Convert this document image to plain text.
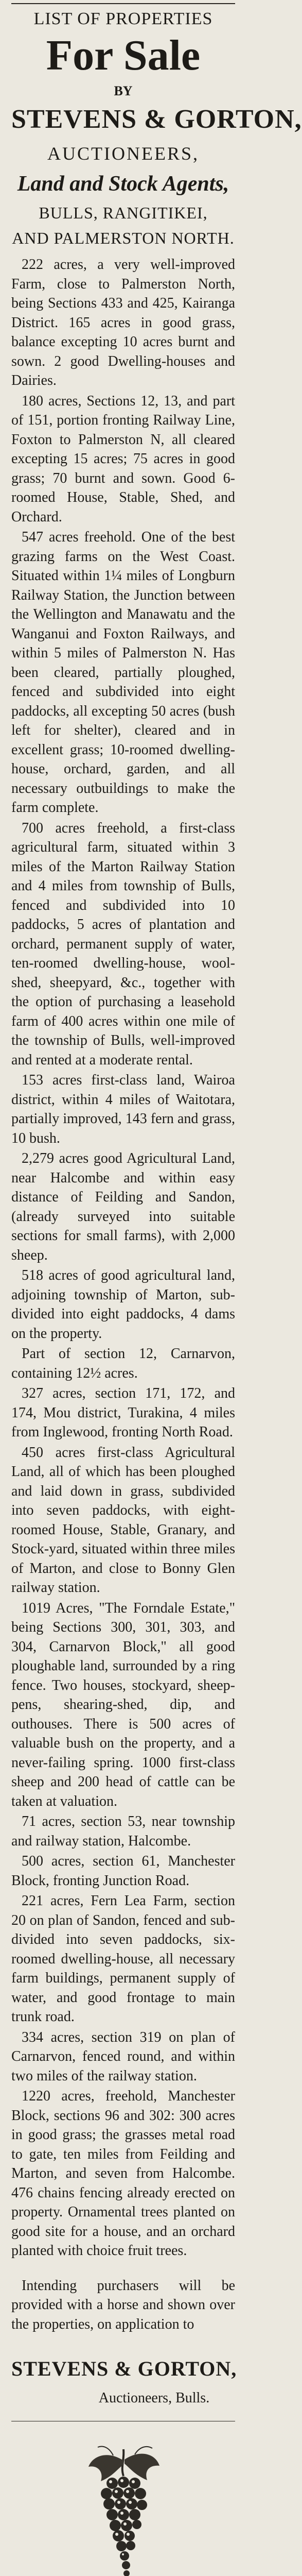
LIST OF PROPERTIES
For Sale
BY
STEVENS & GORTON,
AUCTIONEERS,
Land and Stock Agents,
BULLS, RANGITIKEI,
AND PALMERSTON NORTH.

222 acres, a very well-improved Farm, close to Palmerston North, being Sections 433 and 425, Kairanga District. 165 acres in good grass, balance excepting 10 acres burnt and sown. 2 good Dwelling-houses and Dairies.

180 acres, Sections 12, 13, and part of 151, portion fronting Railway Line, Foxton to Palmerston N, all cleared excepting 15 acres; 75 acres in good grass; 70 burnt and sown. Good 6-roomed House, Stable, Shed, and Orchard.

547 acres freehold. One of the best grazing farms on the West Coast. Situated within 1¼ miles of Longburn Railway Station, the Junction between the Wellington and Manawatu and the Wanganui and Foxton Railways, and within 5 miles of Palmerston N. Has been cleared, partially ploughed, fenced and subdivided into eight paddocks, all excepting 50 acres (bush left for shelter), cleared and in excellent grass; 10-roomed dwelling-house, orchard, garden, and all necessary outbuildings to make the farm complete.

700 acres freehold, a first-class agricultural farm, situated within 3 miles of the Marton Railway Station and 4 miles from township of Bulls, fenced and subdivided into 10 paddocks, 5 acres of plantation and orchard, permanent supply of water, ten-roomed dwelling-house, wool-shed, sheepyard, &c., together with the option of purchasing a leasehold farm of 400 acres within one mile of the township of Bulls, well-improved and rented at a moderate rental.

153 acres first-class land, Wairoa district, within 4 miles of Waitotara, partially improved, 143 fern and grass, 10 bush.

2,279 acres good Agricultural Land, near Halcombe and within easy distance of Feilding and Sandon, (already surveyed into suitable sections for small farms), with 2,000 sheep.

518 acres of good agricultural land, adjoining township of Marton, sub-divided into eight paddocks, 4 dams on the property.

Part of section 12, Carnarvon, containing 12½ acres.

327 acres, section 171, 172, and 174, Mou district, Turakina, 4 miles from Inglewood, fronting North Road.

450 acres first-class Agricultural Land, all of which has been ploughed and laid down in grass, subdivided into seven paddocks, with eight-roomed House, Stable, Granary, and Stock-yard, situated within three miles of Marton, and close to Bonny Glen railway station.

1019 Acres, "The Forndale Estate," being Sections 300, 301, 303, and 304, Carnarvon Block," all good ploughable land, surrounded by a ring fence. Two houses, stockyard, sheep-pens, shearing-shed, dip, and outhouses. There is 500 acres of valuable bush on the property, and a never-failing spring. 1000 first-class sheep and 200 head of cattle can be taken at valuation.

71 acres, section 53, near township and railway station, Halcombe.

500 acres, section 61, Manchester Block, fronting Junction Road.

221 acres, Fern Lea Farm, section 20 on plan of Sandon, fenced and sub-divided into seven paddocks, six-roomed dwelling-house, all necessary farm buildings, permanent supply of water, and good frontage to main trunk road.

334 acres, section 319 on plan of Carnarvon, fenced round, and within two miles of the railway station.

1220 acres, freehold, Manchester Block, sections 96 and 302: 300 acres in good grass; the grasses metal road to gate, ten miles from Feilding and Marton, and seven from Halcombe. 476 chains fencing already erected on property. Ornamental trees planted on good site for a house, and an orchard planted with choice fruit trees.

Intending purchasers will be provided with a horse and shown over the properties, on application to

STEVENS & GORTON,
Auctioneers, Bulls.
